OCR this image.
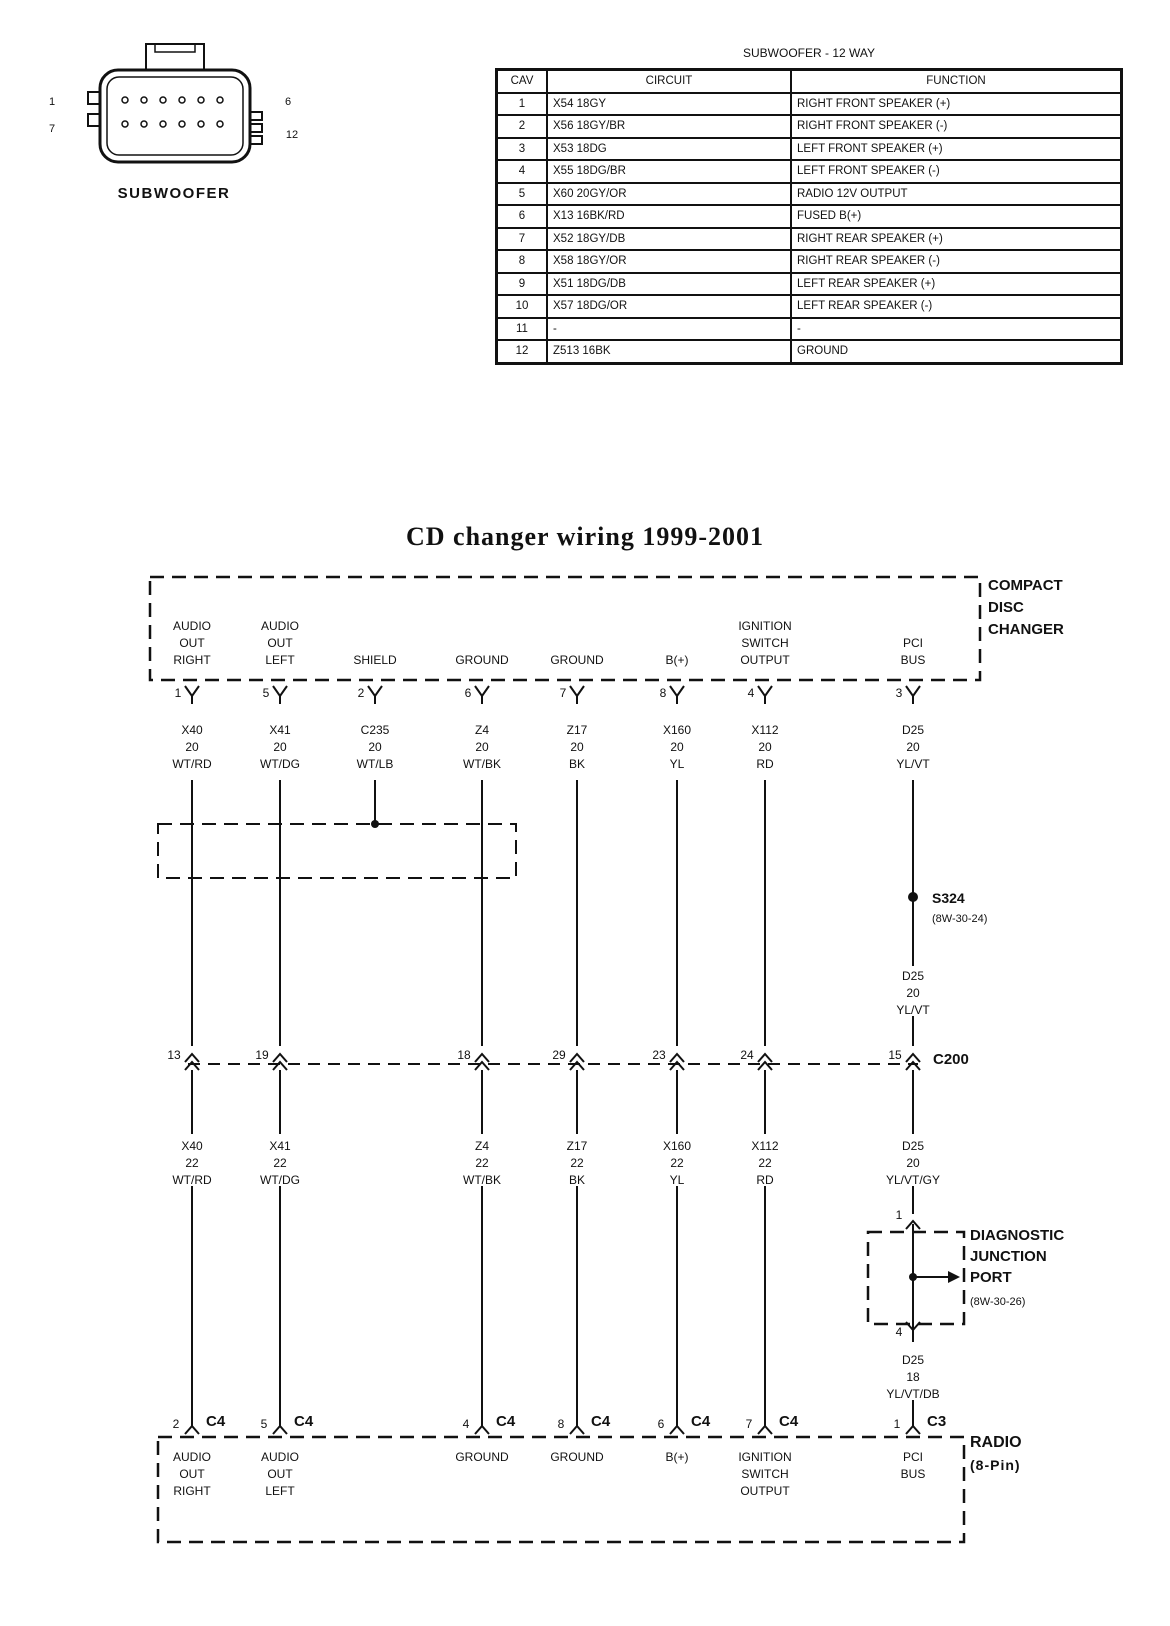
1
7
6
12
SUBWOOFER
COMPACT
DISC
CHANGER
AUDIO
OUT
RIGHT
1
AUDIO
OUT
LEFT
5
SHIELD
2
GROUND
6
GROUND
7
B(+)
8
IGNITION
SWITCH
OUTPUT
4
PCI
BUS
3
X40
20
WT/RD
X41
20
WT/DG
C235
20
WT/LB
Z4
20
WT/BK
Z17
20
BK
X160
20
YL
X112
20
RD
D25
20
YL/VT
S324
(8W-30-24)
D25
20
YL/VT
13	19	18	29	23	24	15 C200
X40
22
WT/RD
X41
22
WT/DG
Z4
22
WT/BK
Z17
22
BK
X160
22
YL
X112
22
RD
D25
20
YL/VT/GY
1
DIAGNOSTIC
JUNCTION
PORT
(8W-30-26)
4
D25
18
YL/VT/DB
RADIO
(8-Pin)
2 C4
AUDIO
OUT
RIGHT
5 C4
AUDIO
OUT
LEFT
4 C4
GROUND
8 C4
GROUND
6 C4
B(+)
7 C4
IGNITION
SWITCH
OUTPUT
1 C3
PCI
BUS
SUBWOOFER - 12 WAY
CAV	CIRCUIT	FUNCTION
1	X54 18GY	RIGHT FRONT SPEAKER (+)
2	X56 18GY/BR	RIGHT FRONT SPEAKER (-)
3	X53 18DG	LEFT FRONT SPEAKER (+)
4	X55 18DG/BR	LEFT FRONT SPEAKER (-)
5	X60 20GY/OR	RADIO 12V OUTPUT
6	X13 16BK/RD	FUSED B(+)
7	X52 18GY/DB	RIGHT REAR SPEAKER (+)
8	X58 18GY/OR	RIGHT REAR SPEAKER (-)
9	X51 18DG/DB	LEFT REAR SPEAKER (+)
10	X57 18DG/OR	LEFT REAR SPEAKER (-)
11	-	-
12	Z513 16BK	GROUND
CD changer wiring 1999-2001
